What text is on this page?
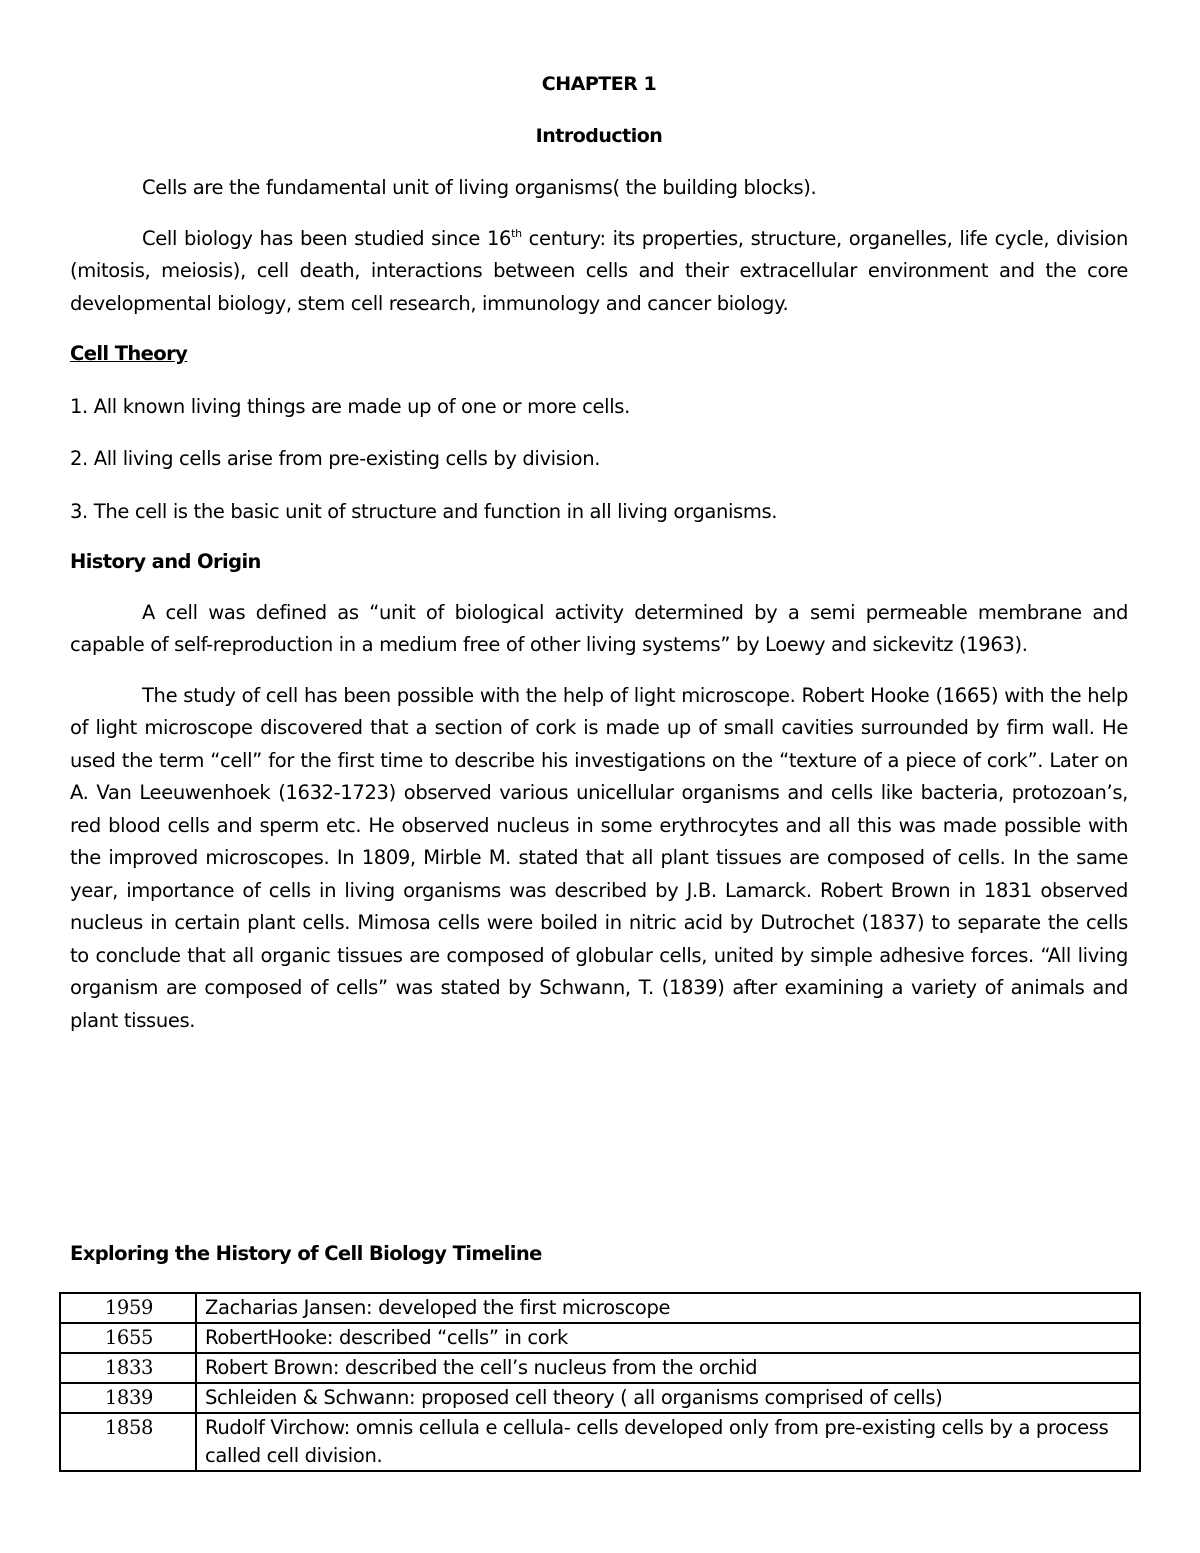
CHAPTER 1
Introduction

Cells are the fundamental unit of living organisms( the building blocks).

Cell biology has been studied since 16th century: its properties, structure, organelles, life cycle, division (mitosis, meiosis), cell death, interactions between cells and their extracellular environment and the core developmental biology, stem cell research, immunology and cancer biology.

Cell Theory

1. All known living things are made up of one or more cells.

2. All living cells arise from pre-existing cells by division.

3. The cell is the basic unit of structure and function in all living organisms.

History and Origin

A cell was defined as “unit of biological activity determined by a semi permeable membrane and capable of self-reproduction in a medium free of other living systems” by Loewy and sickevitz (1963).

The study of cell has been possible with the help of light microscope. Robert Hooke (1665) with the help of light microscope discovered that a section of cork is made up of small cavities surrounded by firm wall. He used the term “cell” for the first time to describe his investigations on the “texture of a piece of cork”. Later on A. Van Leeuwenhoek (1632-1723) observed various unicellular organisms and cells like bacteria, protozoan’s, red blood cells and sperm etc. He observed nucleus in some erythrocytes and all this was made possible with the improved microscopes. In 1809, Mirble M. stated that all plant tissues are composed of cells. In the same year, importance of cells in living organisms was described by J.B. Lamarck. Robert Brown in 1831 observed nucleus in certain plant cells. Mimosa cells were boiled in nitric acid by Dutrochet (1837) to separate the cells to conclude that all organic tissues are composed of globular cells, united by simple adhesive forces. “All living organism are composed of cells” was stated by Schwann, T. (1839) after examining a variety of animals and plant tissues.

Exploring the History of Cell Biology Timeline
1959	Zacharias Jansen: developed the first microscope
1655	RobertHooke: described “cells” in cork
1833	Robert Brown: described the cell’s nucleus from the orchid
1839	Schleiden & Schwann: proposed cell theory ( all organisms comprised of cells)
1858	Rudolf Virchow: omnis cellula e cellula- cells developed only from pre-existing cells by a process called cell division.
